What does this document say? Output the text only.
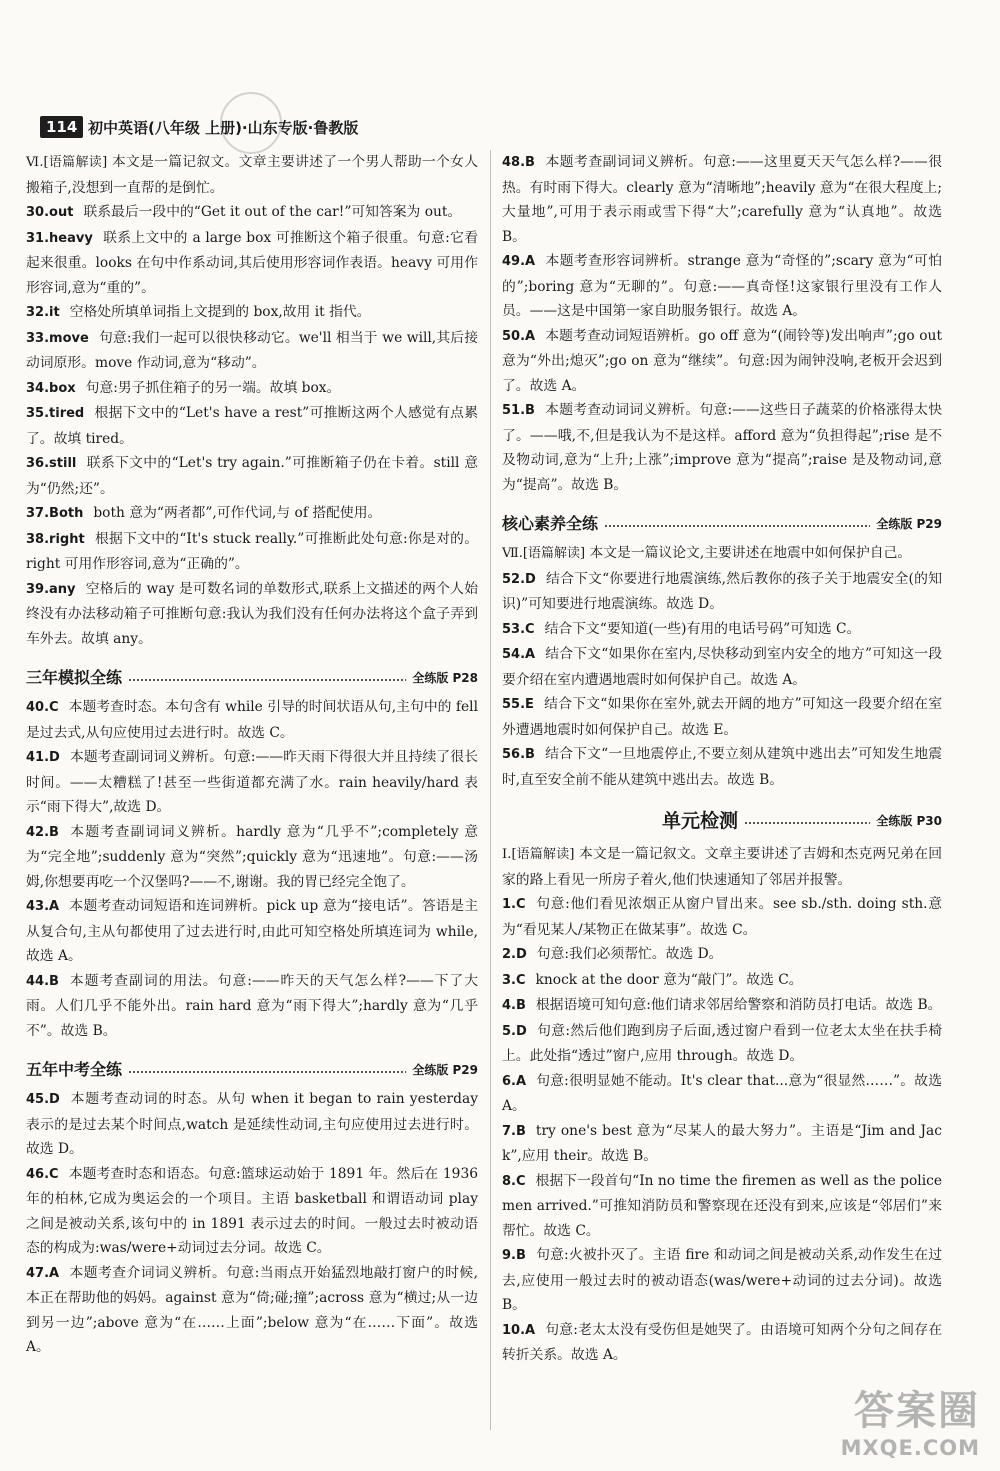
114 初中英语(八年级 上册)·山东专版·鲁教版

Ⅵ.[语篇解读] 本文是一篇记叙文。文章主要讲述了一个男人帮助一个女人搬箱子,没想到一直帮的是倒忙。

30.out 联系最后一段中的“Get it out of the car!”可知答案为 out。

31.heavy 联系上文中的 a large box 可推断这个箱子很重。句意:它看起来很重。looks 在句中作系动词,其后使用形容词作表语。heavy 可用作形容词,意为“重的”。

32.it 空格处所填单词指上文提到的 box,故用 it 指代。

33.move 句意:我们一起可以很快移动它。we'll 相当于 we will,其后接动词原形。move 作动词,意为“移动”。

34.box 句意:男子抓住箱子的另一端。故填 box。

35.tired 根据下文中的“Let's have a rest”可推断这两个人感觉有点累了。故填 tired。

36.still 联系下文中的“Let's try again.”可推断箱子仍在卡着。still 意为“仍然;还”。

37.Both both 意为“两者都”,可作代词,与 of 搭配使用。

38.right 根据下文中的“It's stuck really.”可推断此处句意:你是对的。right 可用作形容词,意为“正确的”。

39.any 空格后的 way 是可数名词的单数形式,联系上文描述的两个人始终没有办法移动箱子可推断句意:我认为我们没有任何办法将这个盒子弄到车外去。故填 any。

三年模拟全练	全练版 P28

40.C 本题考查时态。本句含有 while 引导的时间状语从句,主句中的 fell 是过去式,从句应使用过去进行时。故选 C。

41.D 本题考查副词词义辨析。句意:——昨天雨下得很大并且持续了很长时间。——太糟糕了!甚至一些街道都充满了水。rain heavily/hard 表示“雨下得大”,故选 D。

42.B 本题考查副词词义辨析。hardly 意为“几乎不”;completely 意为“完全地”;suddenly 意为“突然”;quickly 意为“迅速地”。句意:——汤姆,你想要再吃一个汉堡吗?——不,谢谢。我的胃已经完全饱了。

43.A 本题考查动词短语和连词辨析。pick up 意为“接电话”。答语是主从复合句,主从句都使用了过去进行时,由此可知空格处所填连词为 while,故选 A。

44.B 本题考查副词的用法。句意:——昨天的天气怎么样?——下了大雨。人们几乎不能外出。rain hard 意为“雨下得大”;hardly 意为“几乎不”。故选 B。

五年中考全练	全练版 P29

45.D 本题考查动词的时态。从句 when it began to rain yesterday 表示的是过去某个时间点,watch 是延续性动词,主句应使用过去进行时。故选 D。

46.C 本题考查时态和语态。句意:篮球运动始于 1891 年。然后在 1936 年的柏林,它成为奥运会的一个项目。主语 basketball 和谓语动词 play 之间是被动关系,该句中的 in 1891 表示过去的时间。一般过去时被动语态的构成为:was/were+动词过去分词。故选 C。

47.A 本题考查介词词义辨析。句意:当雨点开始猛烈地敲打窗户的时候,本正在帮助他的妈妈。against 意为“倚;碰;撞”;across 意为“横过;从一边到另一边”;above 意为“在……上面”;below 意为“在……下面”。故选 A。

48.B 本题考查副词词义辨析。句意:——这里夏天天气怎么样?——很热。有时雨下得大。clearly 意为“清晰地”;heavily 意为“在很大程度上;大量地”,可用于表示雨或雪下得“大”;carefully 意为“认真地”。故选 B。

49.A 本题考查形容词辨析。strange 意为“奇怪的”;scary 意为“可怕的”;boring 意为“无聊的”。句意:——真奇怪!这家银行里没有工作人员。——这是中国第一家自助服务银行。故选 A。

50.A 本题考查动词短语辨析。go off 意为“(闹铃等)发出响声”;go out 意为“外出;熄灭”;go on 意为“继续”。句意:因为闹钟没响,老板开会迟到了。故选 A。

51.B 本题考查动词词义辨析。句意:——这些日子蔬菜的价格涨得太快了。——哦,不,但是我认为不是这样。afford 意为“负担得起”;rise 是不及物动词,意为“上升;上涨”;improve 意为“提高”;raise 是及物动词,意为“提高”。故选 B。

核心素养全练	全练版 P29

Ⅶ.[语篇解读] 本文是一篇议论文,主要讲述在地震中如何保护自己。

52.D 结合下文“你要进行地震演练,然后教你的孩子关于地震安全(的知识)”可知要进行地震演练。故选 D。

53.C 结合下文“要知道(一些)有用的电话号码”可知选 C。

54.A 结合下文“如果你在室内,尽快移动到室内安全的地方”可知这一段要介绍在室内遭遇地震时如何保护自己。故选 A。

55.E 结合下文“如果你在室外,就去开阔的地方”可知这一段要介绍在室外遭遇地震时如何保护自己。故选 E。

56.B 结合下文“一旦地震停止,不要立刻从建筑中逃出去”可知发生地震时,直至安全前不能从建筑中逃出去。故选 B。

单元检测	全练版 P30

Ⅰ.[语篇解读] 本文是一篇记叙文。文章主要讲述了吉姆和杰克两兄弟在回家的路上看见一所房子着火,他们快速通知了邻居并报警。

1.C 句意:他们看见浓烟正从窗户冒出来。see sb./sth. doing sth.意为“看见某人/某物正在做某事”。故选 C。

2.D 句意:我们必须帮忙。故选 D。

3.C knock at the door 意为“敲门”。故选 C。

4.B 根据语境可知句意:他们请求邻居给警察和消防员打电话。故选 B。

5.D 句意:然后他们跑到房子后面,透过窗户看到一位老太太坐在扶手椅上。此处指“透过”窗户,应用 through。故选 D。

6.A 句意:很明显她不能动。It's clear that...意为“很显然……”。故选 A。

7.B try one's best 意为“尽某人的最大努力”。主语是“Jim and Jack”,应用 their。故选 B。

8.C 根据下一段首句“In no time the firemen as well as the policemen arrived.”可推知消防员和警察现在还没有到来,应该是“邻居们”来帮忙。故选 C。

9.B 句意:火被扑灭了。主语 fire 和动词之间是被动关系,动作发生在过去,应使用一般过去时的被动语态(was/were+动词的过去分词)。故选 B。

10.A 句意:老太太没有受伤但是她哭了。由语境可知两个分句之间存在转折关系。故选 A。

答案圈
MXQE.COM
